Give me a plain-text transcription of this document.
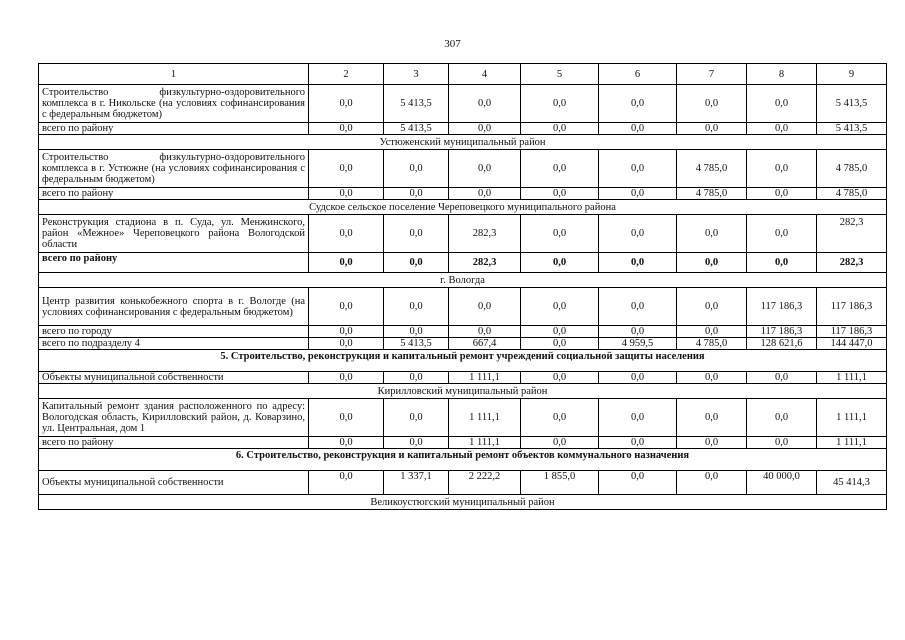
307
1	2	3	4	5	6	7	8	9
Строительство физкультурно-оздоровительного комплекса в г. Никольске (на условиях софинансирования с федеральным бюджетом)	0,0	5 413,5	0,0	0,0	0,0	0,0	0,0	5 413,5
всего по району	0,0	5 413,5	0,0	0,0	0,0	0,0	0,0	5 413,5
Устюженский муниципальный район								
Строительство физкультурно-оздоровительного комплекса в г. Устюжне (на условиях софинансирования с федеральным бюджетом)	0,0	0,0	0,0	0,0	0,0	4 785,0	0,0	4 785,0
всего по району	0,0	0,0	0,0	0,0	0,0	4 785,0	0,0	4 785,0
Судское сельское поселение Череповецкого муниципального района								
Реконструкция стадиона в п. Суда, ул. Менжинского, район «Межное» Череповецкого района Вологодской области	0,0	0,0	282,3	0,0	0,0	0,0	0,0	282,3
всего по району	0,0	0,0	282,3	0,0	0,0	0,0	0,0	282,3
г. Вологда								
Центр развития конькобежного спорта в г. Вологде (на условиях софинансирования с федеральным бюджетом)	0,0	0,0	0,0	0,0	0,0	0,0	117 186,3	117 186,3
всего по городу	0,0	0,0	0,0	0,0	0,0	0,0	117 186,3	117 186,3
всего по подразделу 4	0,0	5 413,5	667,4	0,0	4 959,5	4 785,0	128 621,6	144 447,0
5. Строительство, реконструкция и капитальный ремонт учреждений социальной защиты населения								
Объекты муниципальной собственности	0,0	0,0	1 111,1	0,0	0,0	0,0	0,0	1 111,1
Кирилловский муниципальный район								
Капитальный ремонт здания расположенного по адресу: Вологодская область, Кирилловский район, д. Коварзино, ул. Центральная, дом 1	0,0	0,0	1 111,1	0,0	0,0	0,0	0,0	1 111,1
всего по району	0,0	0,0	1 111,1	0,0	0,0	0,0	0,0	1 111,1
6. Строительство, реконструкция и капитальный ремонт объектов коммунального назначения								
Объекты муниципальной собственности	0,0	1 337,1	2 222,2	1 855,0	0,0	0,0	40 000,0	45 414,3
Великоустюгский муниципальный район								
